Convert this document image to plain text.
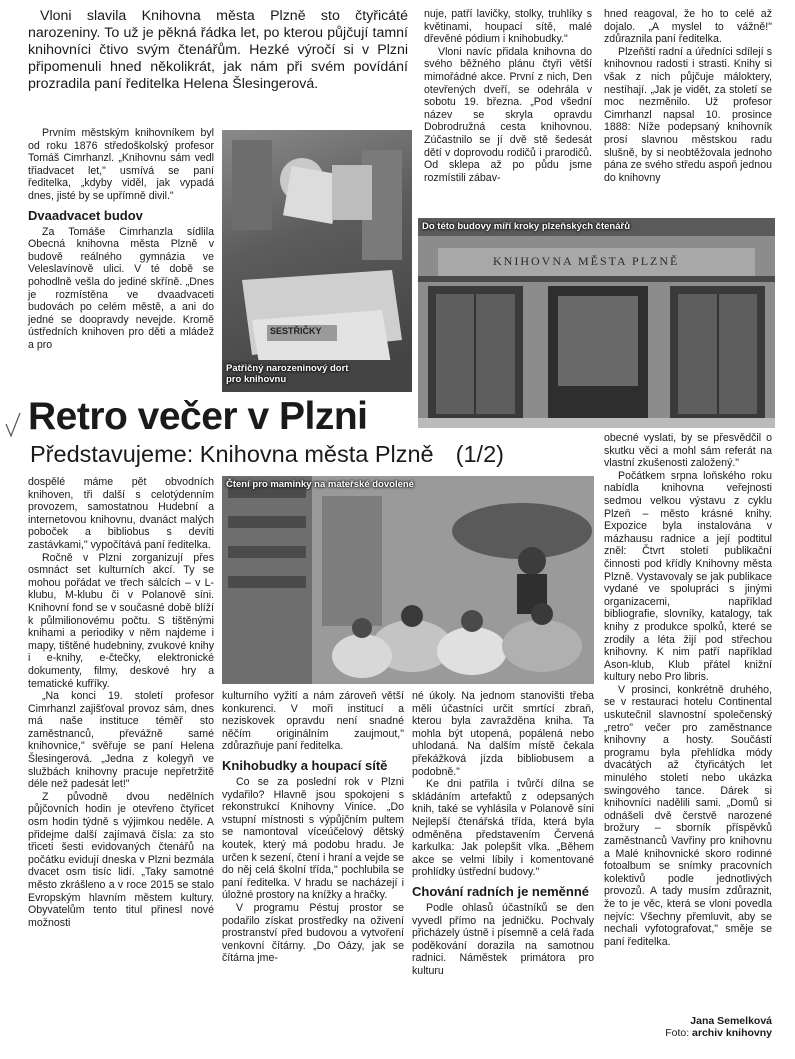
Vloni slavila Knihovna města Plzně sto čtyřicáté narozeniny. To už je pěkná řádka let, po kterou půjčují tamní knihovníci čtivo svým čtenářům. Hezké výročí si v Plzni připomenuli hned několikrát, jak nám při svém povídání prozradila paní ředitelka Helena Šlesingerová.

Prvním městským knihovníkem byl od roku 1876 středoškolský profesor Tomáš Cimrhanzl. „Knihovnu sám vedl třiadvacet let," usmívá se paní ředitelka, „kdyby viděl, jak vypadá dnes, jisté by se upřímně divil."

Dvaadvacet budov

Za Tomáše Cimrhanzla sídlila Obecná knihovna města Plzně v budově reálného gymnázia ve Veleslavínově ulici. V té době se pohodlně vešla do jediné skříně. „Dnes je rozmístěna ve dvaadvaceti budovách po celém městě, a ani do jedné se doopravdy nevejde. Kromě ústředních knihoven pro děti a mládež a pro

SESTŘIČKY
Patřičný narozeninový dort pro knihovnu

nuje, patří lavičky, stolky, truhlíky s květinami, houpací sítě, malé dřevěné pódium i knihobudky."

Vloni navíc přidala knihovna do svého běžného plánu čtyři větší mimořádné akce. První z nich, Den otevřených dveří, se odehrála v sobotu 19. března. „Pod všední název se skryla opravdu Dobrodružná cesta knihovnou. Zúčastnilo se jí dvě stě šedesát dětí v doprovodu rodičů i prarodičů. Od sklepa až po půdu jsme rozmístili zábav-

hned reagoval, že ho to celé až dojalo. „A myslel to vážně!" zdůraznila paní ředitelka.

Plzeňští radní a úředníci sdílejí s knihovnou radosti i strasti. Knihy si však z nich půjčuje máloktery, nestíhají. „Jak je vidět, za století se moc nezměnilo. Už profesor Cimrhanzl napsal 10. prosince 1888: Níže podepsaný knihovník prosí slavnou městskou radu slušně, by si neobtěžovala jednoho pána ze svého středu aspoň jednou do knihovny

KNIHOVNA MĚSTA PLZNĚ
Do této budovy míří kroky plzeňských čtenářů
Retro večer v Plzni
Představujeme: Knihovna města Plzně (1/2)

obecné vyslati, by se přesvědčil o skutku věci a mohl sám referát na vlastní zkušenosti založený."

Počátkem srpna loňského roku nabídla knihovna veřejnosti sedmou velkou výstavu z cyklu Plzeň – město krásné knihy. Expozice byla instalována v mázhausu radnice a její podtitul zněl: Čtvrt století publikační činnosti pod křídly Knihovny města Plzně. Vystavovaly se jak publikace vydané ve spolupráci s jinými organizacemi, například bibliografie, slovníky, katalogy, tak knihy z produkce spolků, které se zrodily a léta žijí pod střechou knihovny. K nim patří například Ason-klub, Klub přátel knižní kultury nebo Pro libris.

V prosinci, konkrétně druhého, se v restauraci hotelu Continental uskutečnil slavnostní společenský „retro" večer pro zaměstnance knihovny a hosty. Součástí programu byla přehlídka módy dvacátých až čtyřicátých let minulého století nebo ukázka swingového tance. Dárek si knihovníci nadělili sami. „Domů si odnášeli dvě čerstvě narozené brožury – sborník příspěvků zaměstnanců Vavřiny pro knihovnu a Malé knihovnické skoro rodinné fotoalbum se snímky pracovních kolektivů podle jednotlivých provozů. A tady musím zdůraznit, že to je věc, která se vloni povedla nejvíc: Všechny přemluvit, aby se nechali vyfotografovat," směje se paní ředitelka.

Jana Semelková
Foto: archiv knihovny
Čtení pro maminky na mateřské dovolené

dospělé máme pět obvodních knihoven, tři další s celotýdenním provozem, samostatnou Hudební a internetovou knihovnu, dvanáct malých poboček a bibliobus s devíti zastávkami," vypočítává paní ředitelka.

Ročně v Plzni zorganizují přes osmnáct set kulturních akcí. Ty se mohou pořádat ve třech sálcích – v L-klubu, M-klubu či v Polanově síni. Knihovní fond se v současné době blíží k půlmilionovému počtu. S tištěnými knihami a periodiky v něm najdeme i mapy, tištěné hudebniny, zvukové knihy i e-knihy, e-čtečky, elektronické dokumenty, filmy, deskové hry a tematické kufříky.

„Na konci 19. století profesor Cimrhanzl zajišťoval provoz sám, dnes má naše instituce téměř sto zaměstnanců, převážně samé knihovnice," svěřuje se paní Helena Šlesingerová. „Jedna z kolegyň ve službách knihovny pracuje nepřetržitě déle než padesát let!"

Z původně dvou nedělních půjčovních hodin je otevřeno čtyřicet osm hodin týdně s výjimkou neděle. A přidejme další zajímavá čísla: za sto třiceti šesti evidovaných čtenářů na počátku evidují dneska v Plzni bezmála dvacet osm tisíc lidí. „Taky samotné město zkrášleno a v roce 2015 se stalo Evropským hlavním městem kultury. Obyvatelům tento titul přinesl nové možnosti

kulturního vyžití a nám zároveň větší konkurenci. V moři institucí a neziskovek opravdu není snadné něčím originálním zaujmout," zdůrazňuje paní ředitelka.

Knihobudky a houpací sítě

Co se za poslední rok v Plzni vydařilo? Hlavně jsou spokojeni s rekonstrukcí Knihovny Vinice. „Do vstupní místnosti s výpůjčním pultem se namontoval víceúčelový dětský koutek, který má podobu hradu. Je určen k sezení, čtení i hraní a vejde se do něj celá školní třída," pochlubila se paní ředitelka. V hradu se nacházejí i úložné prostory na knížky a hračky.

V programu Péstuj prostor se podařilo získat prostředky na oživení prostranství před budovou a vytvoření venkovní čítárny. „Do Oázy, jak se čítárna jme-

né úkoly. Na jednom stanovišti třeba měli účastníci určit smrtící zbraň, kterou byla zavražděna kniha. Ta mohla být utopená, popálená nebo uhlodaná. Na dalším místě čekala překážková jízda bibliobusem a podobně."

Ke dni patřila i tvůrčí dílna se skládáním artefaktů z odepsaných knih, také se vyhlásila v Polanově síni Nejlepší čtenářská třída, která byla odměněna představením Červená karkulka: Jak polepšit vlka. „Během akce se velmi líbily i komentované prohlídky ústřední budovy."

Chování radních je neměnné

Podle ohlasů účastníků se den vyvedl přímo na jedničku. Pochvaly přicházely ústně i písemně a celá řada poděkování dorazila na samotnou radnici. Náměstek primátora pro kulturu
